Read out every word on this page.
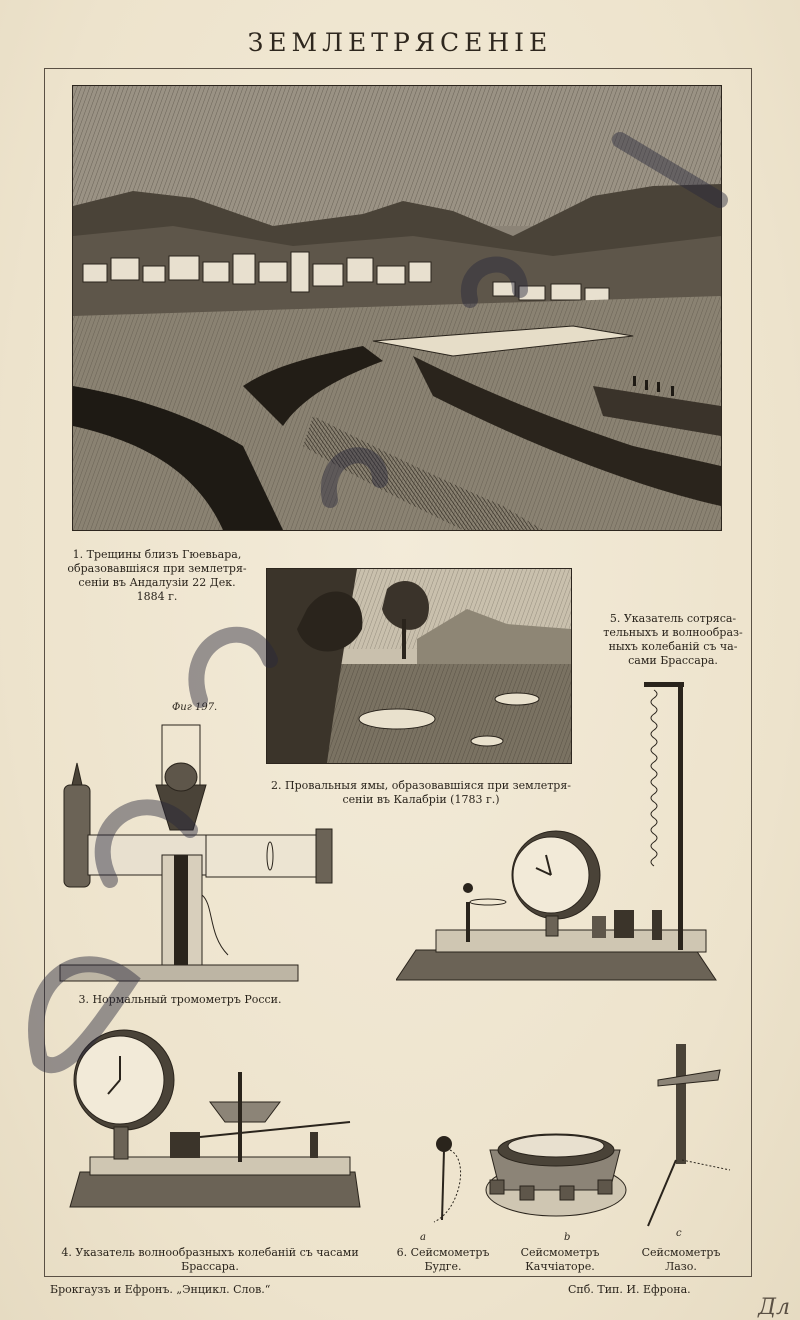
ЗЕМЛЕТРЯСЕНІЕ
1. Трещины близъ Гюевьара,
образовавшіяся при землетря-
сеніи въ Андалузіи 22 Дек.
1884 г.
2. Провальныя ямы, образовавшіяся при землетря-
сеніи въ Калабріи (1783 г.)
5. Указатель сотряса-
тельныхъ и волнообраз-
ныхъ колебаній съ ча-
сами Брассара.
Фиг 197.
3. Нормальный тромометръ Росси.
4. Указатель волнообразныхъ колебаній съ часами
Брассара.
a	b	c
6. Сейсмометръ
Будге.
Сейсмометръ
Каччіаторе.
Сейсмометръ
Лазо.
Брокгаузъ и Ефронъ. „Энцикл. Слов.“	Спб. Тип. И. Ефрона.
Дл
